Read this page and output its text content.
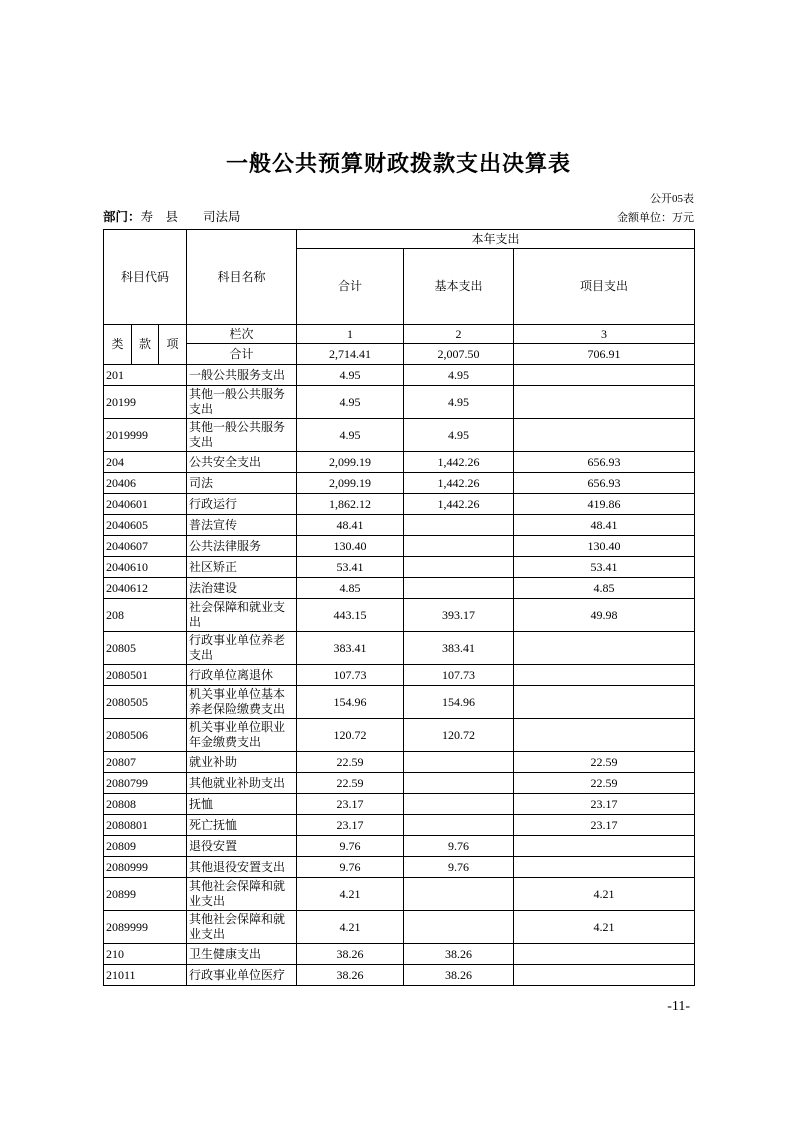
一般公共预算财政拨款支出决算表
公开05表
部门：寿　县　　司法局	金额单位：万元
科目代码			科目名称	本年支出		
				合计	基本支出	项目支出
类	款	项	栏次	1	2	3
			合计	2,714.41	2,007.50	706.91
201			一般公共服务支出	4.95	4.95	
20199			其他一般公共服务支出	4.95	4.95	
2019999			其他一般公共服务支出	4.95	4.95	
204			公共安全支出	2,099.19	1,442.26	656.93
20406			司法	2,099.19	1,442.26	656.93
2040601			行政运行	1,862.12	1,442.26	419.86
2040605			普法宣传	48.41		48.41
2040607			公共法律服务	130.40		130.40
2040610			社区矫正	53.41		53.41
2040612			法治建设	4.85		4.85
208			社会保障和就业支出	443.15	393.17	49.98
20805			行政事业单位养老支出	383.41	383.41	
2080501			行政单位离退休	107.73	107.73	
2080505			机关事业单位基本养老保险缴费支出	154.96	154.96	
2080506			机关事业单位职业年金缴费支出	120.72	120.72	
20807			就业补助	22.59		22.59
2080799			其他就业补助支出	22.59		22.59
20808			抚恤	23.17		23.17
2080801			死亡抚恤	23.17		23.17
20809			退役安置	9.76	9.76	
2080999			其他退役安置支出	9.76	9.76	
20899			其他社会保障和就业支出	4.21		4.21
2089999			其他社会保障和就业支出	4.21		4.21
210			卫生健康支出	38.26	38.26	
21011			行政事业单位医疗	38.26	38.26	
-11-
